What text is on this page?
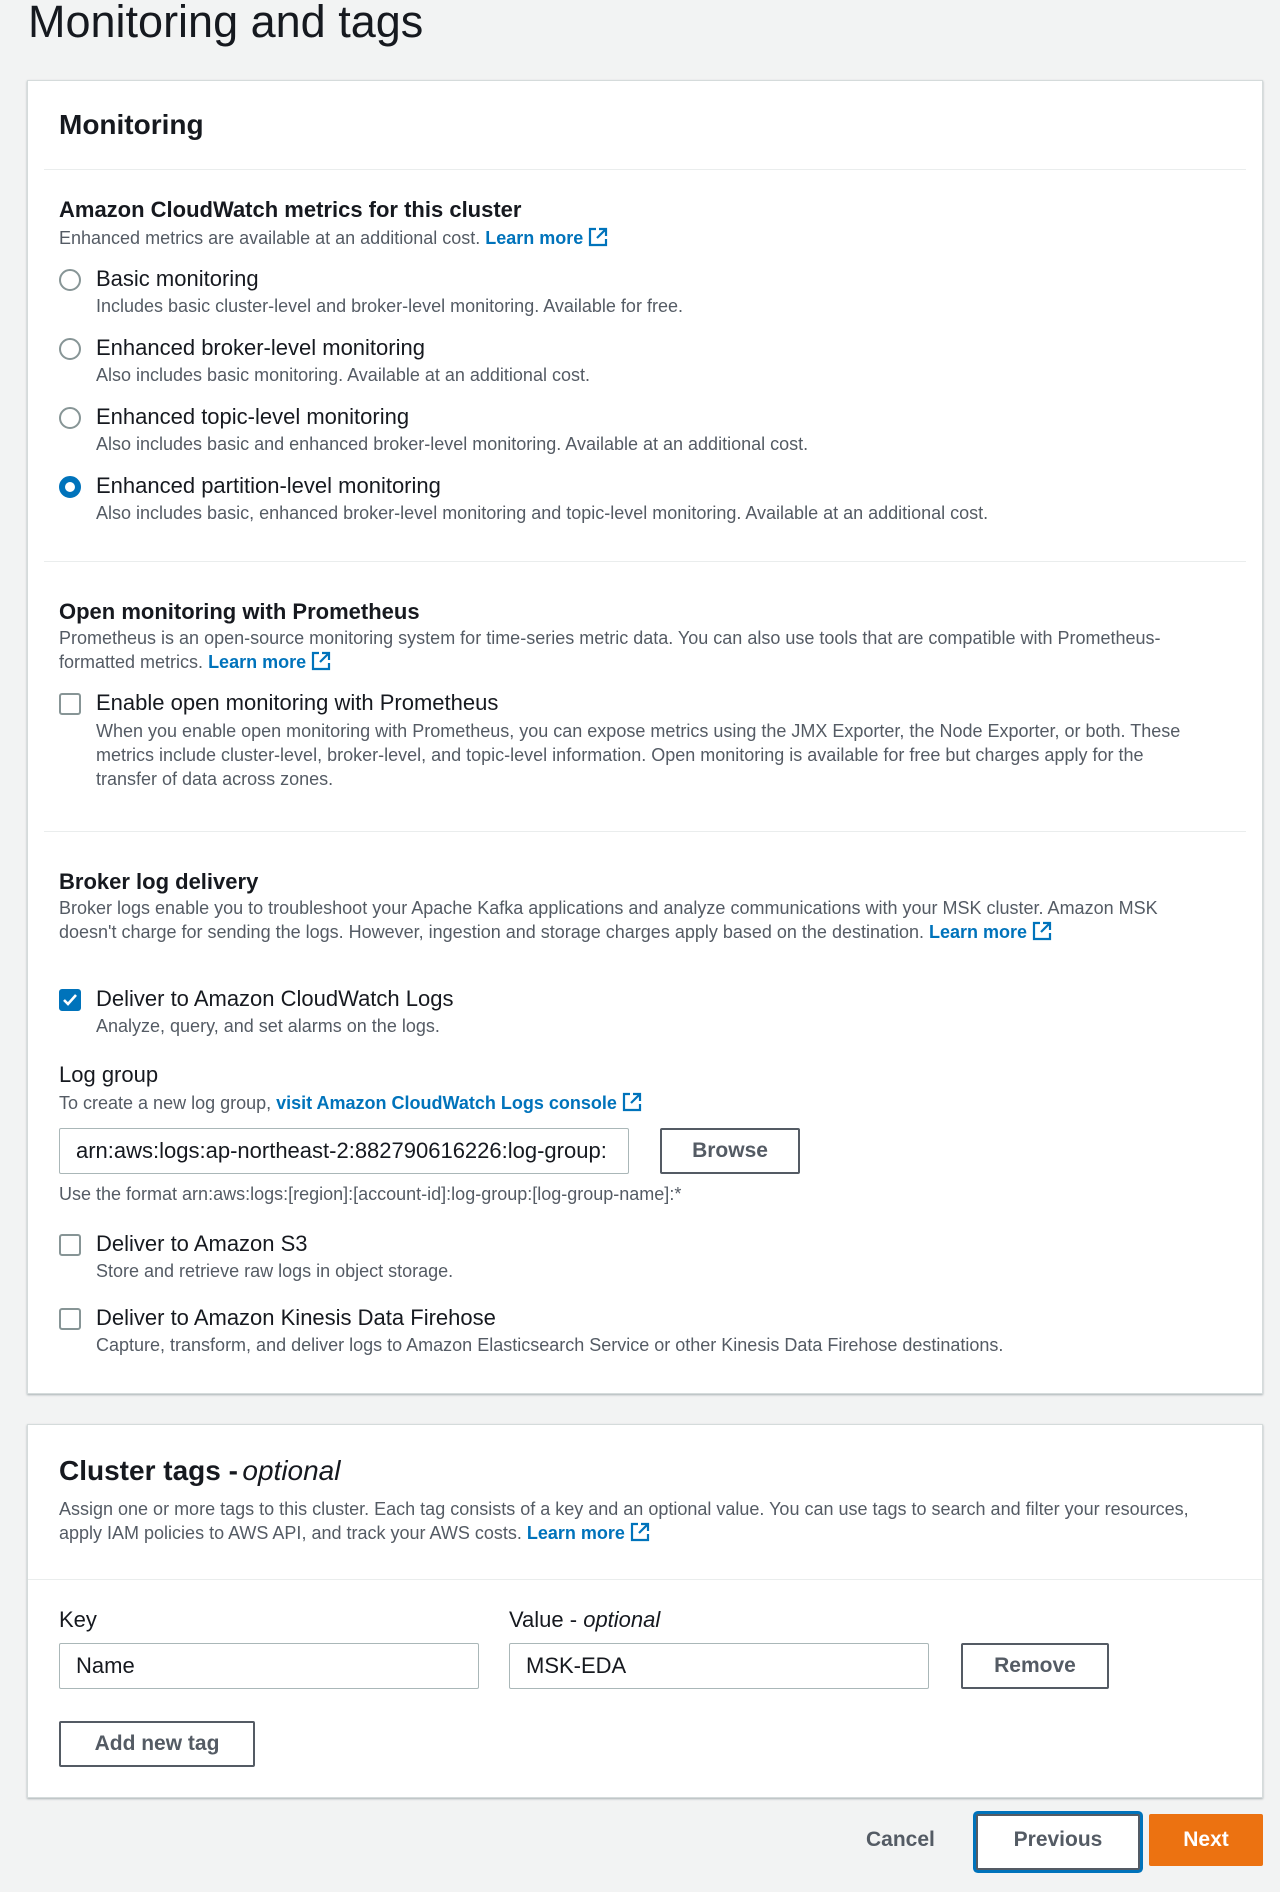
Monitoring and tags
Monitoring
Amazon CloudWatch metrics for this cluster
Enhanced metrics are available at an additional cost. Learn more
Basic monitoring
Includes basic cluster-level and broker-level monitoring. Available for free.
Enhanced broker-level monitoring
Also includes basic monitoring. Available at an additional cost.
Enhanced topic-level monitoring
Also includes basic and enhanced broker-level monitoring. Available at an additional cost.
Enhanced partition-level monitoring
Also includes basic, enhanced broker-level monitoring and topic-level monitoring. Available at an additional cost.
Open monitoring with Prometheus
Prometheus is an open-source monitoring system for time-series metric data. You can also use tools that are compatible with Prometheus-
formatted metrics. Learn more
Enable open monitoring with Prometheus
When you enable open monitoring with Prometheus, you can expose metrics using the JMX Exporter, the Node Exporter, or both. These
metrics include cluster-level, broker-level, and topic-level information. Open monitoring is available for free but charges apply for the
transfer of data across zones.
Broker log delivery
Broker logs enable you to troubleshoot your Apache Kafka applications and analyze communications with your MSK cluster. Amazon MSK
doesn't charge for sending the logs. However, ingestion and storage charges apply based on the destination. Learn more
Deliver to Amazon CloudWatch Logs
Analyze, query, and set alarms on the logs.
Log group
To create a new log group, visit Amazon CloudWatch Logs console
arn:aws:logs:ap-northeast-2:882790616226:log-group:	Browse
Use the format arn:aws:logs:[region]:[account-id]:log-group:[log-group-name]:*
Deliver to Amazon S3
Store and retrieve raw logs in object storage.
Deliver to Amazon Kinesis Data Firehose
Capture, transform, and deliver logs to Amazon Elasticsearch Service or other Kinesis Data Firehose destinations.
Cluster tags - optional
Assign one or more tags to this cluster. Each tag consists of a key and an optional value. You can use tags to search and filter your resources,
apply IAM policies to AWS API, and track your AWS costs. Learn more
Key	Value - optional
Name	MSK-EDA	Remove
Add new tag
Cancel	Previous	Next
